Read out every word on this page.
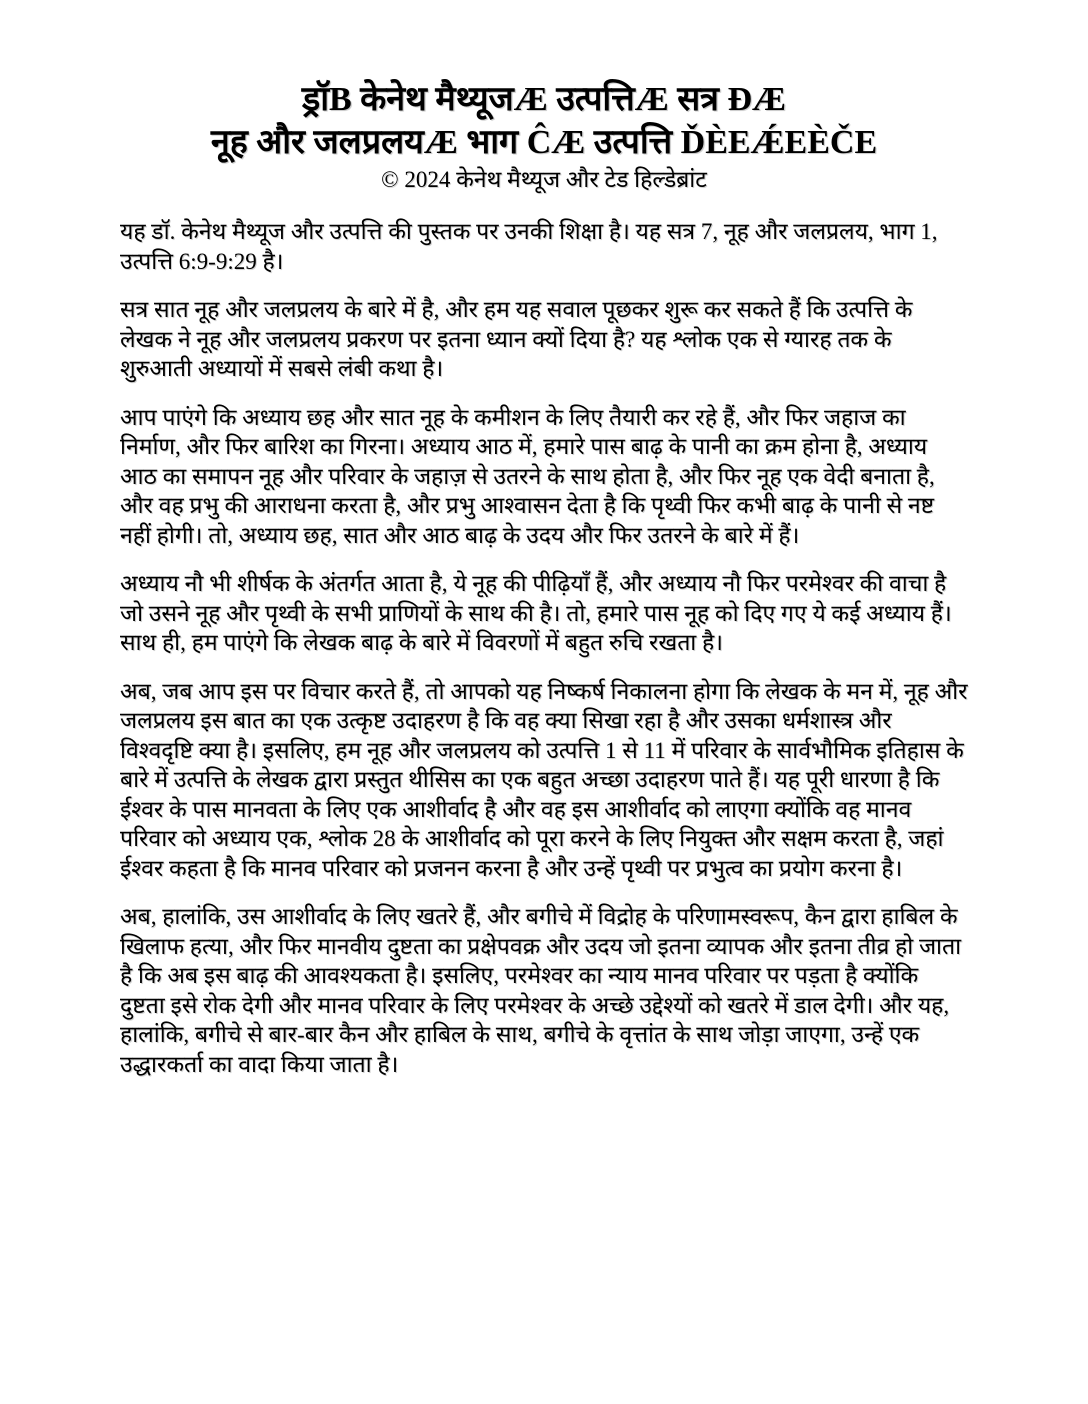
ड्रॉB केनेथ मैथ्यूजÆ उत्पत्तिÆ सत्र ÐÆ
नूह और जलप्रलयÆ भाग ĈÆ उत्पत्ति ĎÈEǼEÈČE
© 2024 केनेथ मैथ्यूज और टेड हिल्डेब्रांट

यह डॉ. केनेथ मैथ्यूज और उत्पत्ति की पुस्तक पर उनकी शिक्षा है। यह सत्र 7, नूह और जलप्रलय, भाग 1, उत्पत्ति 6:9-9:29 है।

सत्र सात नूह और जलप्रलय के बारे में है, और हम यह सवाल पूछकर शुरू कर सकते हैं कि उत्पत्ति के लेखक ने नूह और जलप्रलय प्रकरण पर इतना ध्यान क्यों दिया है? यह श्लोक एक से ग्यारह तक के शुरुआती अध्यायों में सबसे लंबी कथा है।

आप पाएंगे कि अध्याय छह और सात नूह के कमीशन के लिए तैयारी कर रहे हैं, और फिर जहाज का निर्माण, और फिर बारिश का गिरना। अध्याय आठ में, हमारे पास बाढ़ के पानी का क्रम होना है, अध्याय आठ का समापन नूह और परिवार के जहाज़ से उतरने के साथ होता है, और फिर नूह एक वेदी बनाता है, और वह प्रभु की आराधना करता है, और प्रभु आश्वासन देता है कि पृथ्वी फिर कभी बाढ़ के पानी से नष्ट नहीं होगी। तो, अध्याय छह, सात और आठ बाढ़ के उदय और फिर उतरने के बारे में हैं।

अध्याय नौ भी शीर्षक के अंतर्गत आता है, ये नूह की पीढ़ियाँ हैं, और अध्याय नौ फिर परमेश्वर की वाचा है जो उसने नूह और पृथ्वी के सभी प्राणियों के साथ की है। तो, हमारे पास नूह को दिए गए ये कई अध्याय हैं। साथ ही, हम पाएंगे कि लेखक बाढ़ के बारे में विवरणों में बहुत रुचि रखता है।

अब, जब आप इस पर विचार करते हैं, तो आपको यह निष्कर्ष निकालना होगा कि लेखक के मन में, नूह और जलप्रलय इस बात का एक उत्कृष्ट उदाहरण है कि वह क्या सिखा रहा है और उसका धर्मशास्त्र और विश्वदृष्टि क्या है। इसलिए, हम नूह और जलप्रलय को उत्पत्ति 1 से 11 में परिवार के सार्वभौमिक इतिहास के बारे में उत्पत्ति के लेखक द्वारा प्रस्तुत थीसिस का एक बहुत अच्छा उदाहरण पाते हैं। यह पूरी धारणा है कि ईश्वर के पास मानवता के लिए एक आशीर्वाद है और वह इस आशीर्वाद को लाएगा क्योंकि वह मानव परिवार को अध्याय एक, श्लोक 28 के आशीर्वाद को पूरा करने के लिए नियुक्त और सक्षम करता है, जहां ईश्वर कहता है कि मानव परिवार को प्रजनन करना है और उन्हें पृथ्वी पर प्रभुत्व का प्रयोग करना है।

अब, हालांकि, उस आशीर्वाद के लिए खतरे हैं, और बगीचे में विद्रोह के परिणामस्वरूप, कैन द्वारा हाबिल के खिलाफ हत्या, और फिर मानवीय दुष्टता का प्रक्षेपवक्र और उदय जो इतना व्यापक और इतना तीव्र हो जाता है कि अब इस बाढ़ की आवश्यकता है। इसलिए, परमेश्वर का न्याय मानव परिवार पर पड़ता है क्योंकि दुष्टता इसे रोक देगी और मानव परिवार के लिए परमेश्वर के अच्छे उद्देश्यों को खतरे में डाल देगी। और यह, हालांकि, बगीचे से बार-बार कैन और हाबिल के साथ, बगीचे के वृत्तांत के साथ जोड़ा जाएगा, उन्हें एक उद्धारकर्ता का वादा किया जाता है।
